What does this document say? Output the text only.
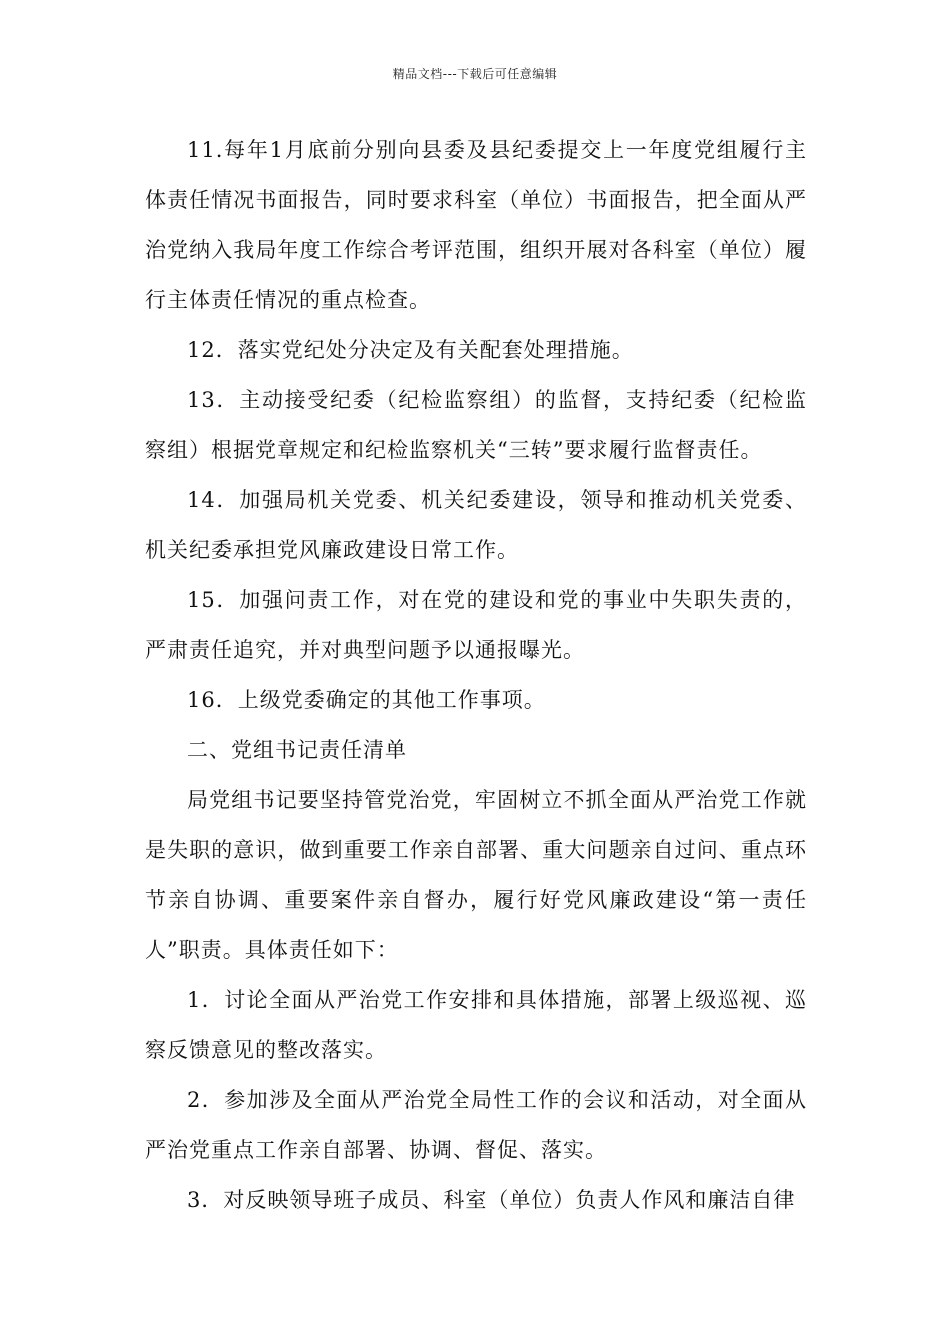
精品文档---下载后可任意编辑

11.每年1月底前分别向县委及县纪委提交上一年度党组履行主体责任情况书面报告，同时要求科室（单位）书面报告，把全面从严治党纳入我局年度工作综合考评范围，组织开展对各科室（单位）履行主体责任情况的重点检查。

12．落实党纪处分决定及有关配套处理措施。

13．主动接受纪委（纪检监察组）的监督，支持纪委（纪检监察组）根据党章规定和纪检监察机关“三转”要求履行监督责任。

14．加强局机关党委、机关纪委建设，领导和推动机关党委、机关纪委承担党风廉政建设日常工作。

15．加强问责工作，对在党的建设和党的事业中失职失责的，严肃责任追究，并对典型问题予以通报曝光。

16．上级党委确定的其他工作事项。

二、党组书记责任清单

局党组书记要坚持管党治党，牢固树立不抓全面从严治党工作就是失职的意识，做到重要工作亲自部署、重大问题亲自过问、重点环节亲自协调、重要案件亲自督办，履行好党风廉政建设“第一责任人”职责。具体责任如下：

1．讨论全面从严治党工作安排和具体措施，部署上级巡视、巡察反馈意见的整改落实。

2．参加涉及全面从严治党全局性工作的会议和活动，对全面从严治党重点工作亲自部署、协调、督促、落实。

3．对反映领导班子成员、科室（单位）负责人作风和廉洁自律
